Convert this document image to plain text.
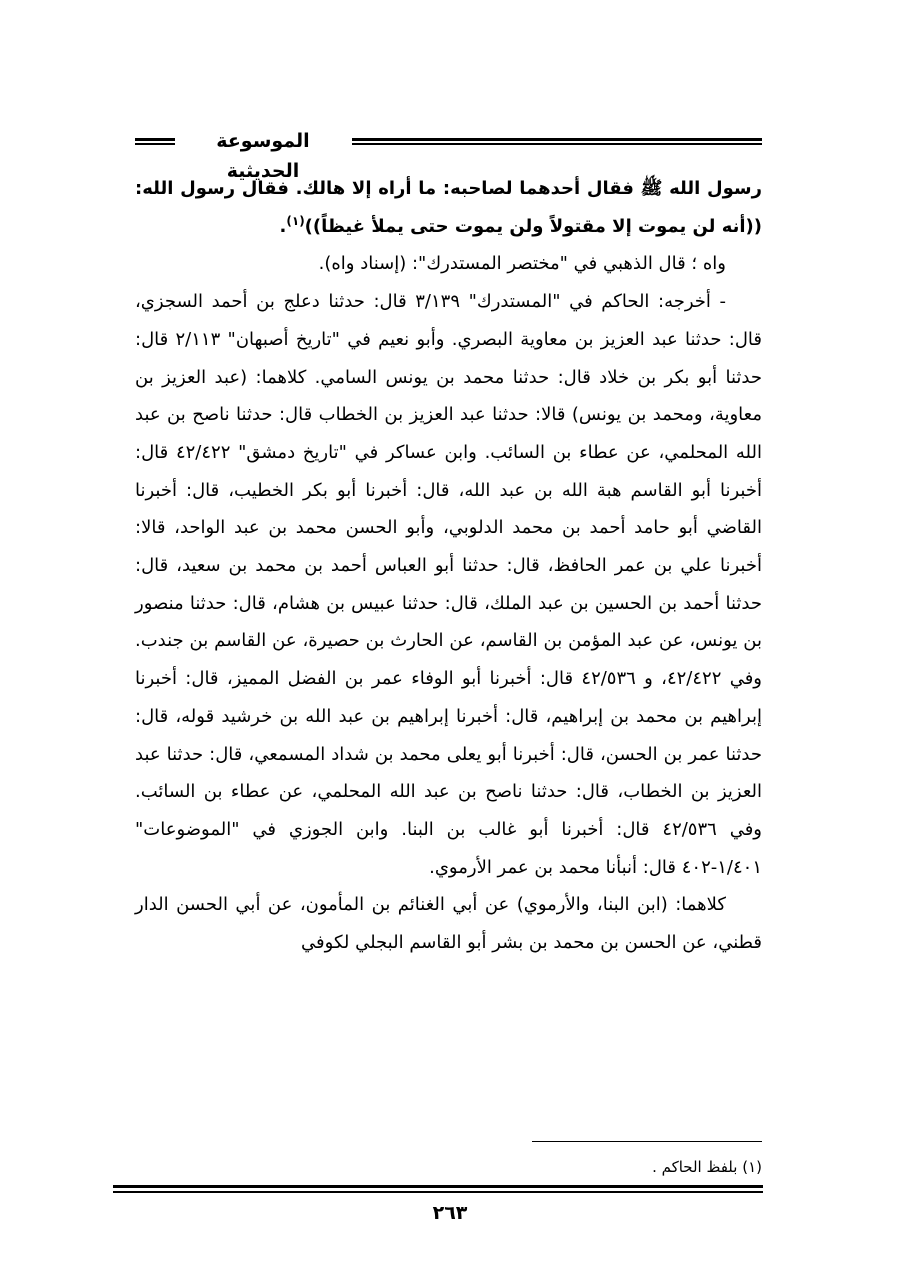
الموسوعة الحديثية

رسول الله ﷺ فقال أحدهما لصاحبه: ما أراه إلا هالك. فقال رسول الله: ((أنه لن يموت إلا مقتولاً ولن يموت حتى يملأ غيظاً))$^{(١)}$.

واه ؛ قال الذهبي في "مختصر المستدرك": (إسناد واه).

- أخرجه: الحاكم في "المستدرك" ٣/١٣٩ قال: حدثنا دعلج بن أحمد السجزي، قال: حدثنا عبد العزيز بن معاوية البصري. وأبو نعيم في "تاريخ أصبهان" ٢/١١٣ قال: حدثنا أبو بكر بن خلاد قال: حدثنا محمد بن يونس السامي. كلاهما: (عبد العزيز بن معاوية، ومحمد بن يونس) قالا: حدثنا عبد العزيز بن الخطاب قال: حدثنا ناصح بن عبد الله المحلمي، عن عطاء بن السائب. وابن عساكر في "تاريخ دمشق" ٤٢/٤٢٢ قال: أخبرنا أبو القاسم هبة الله بن عبد الله، قال: أخبرنا أبو بكر الخطيب، قال: أخبرنا القاضي أبو حامد أحمد بن محمد الدلوبي، وأبو الحسن محمد بن عبد الواحد، قالا: أخبرنا علي بن عمر الحافظ، قال: حدثنا أبو العباس أحمد بن محمد بن سعيد، قال: حدثنا أحمد بن الحسين بن عبد الملك، قال: حدثنا عبيس بن هشام، قال: حدثنا منصور بن يونس، عن عبد المؤمن بن القاسم، عن الحارث بن حصيرة، عن القاسم بن جندب. وفي ٤٢/٤٢٢، و ٤٢/٥٣٦ قال: أخبرنا أبو الوفاء عمر بن الفضل المميز، قال: أخبرنا إبراهيم بن محمد بن إبراهيم، قال: أخبرنا إبراهيم بن عبد الله بن خرشيد قوله، قال: حدثنا عمر بن الحسن، قال: أخبرنا أبو يعلى محمد بن شداد المسمعي، قال: حدثنا عبد العزيز بن الخطاب، قال: حدثنا ناصح بن عبد الله المحلمي، عن عطاء بن السائب. وفي ٤٢/٥٣٦ قال: أخبرنا أبو غالب بن البنا. وابن الجوزي في "الموضوعات" ١/٤٠١-٤٠٢ قال: أنبأنا محمد بن عمر الأرموي.

كلاهما: (ابن البنا، والأرموي) عن أبي الغنائم بن المأمون، عن أبي الحسن الدار قطني، عن الحسن بن محمد بن بشر أبو القاسم البجلي لكوفي

(١) بلفظ الحاكم .
٢٦٣
